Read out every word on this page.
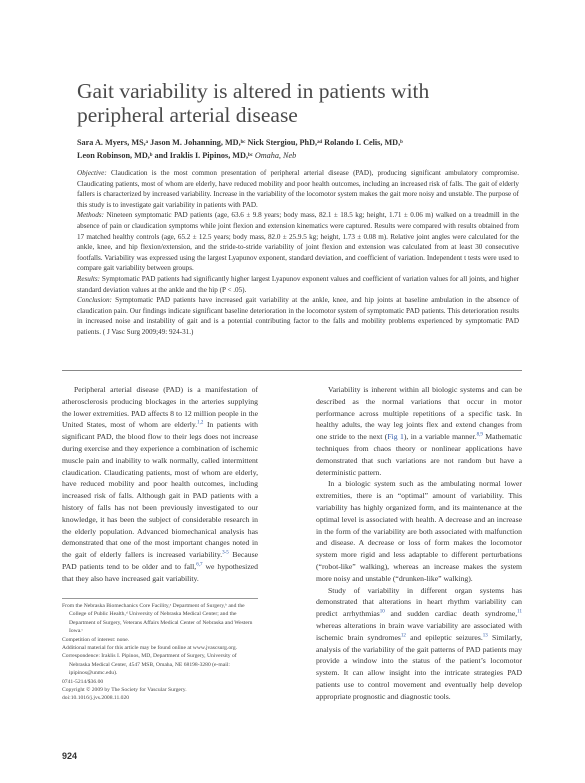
Gait variability is altered in patients with peripheral arterial disease
Sara A. Myers, MS,ᵃ Jason M. Johanning, MD,ᵇᶜ Nick Stergiou, PhD,ᵃᵈ Rolando I. Celis, MD,ᵇ
Leon Robinson, MD,ᵇ and Iraklis I. Pipinos, MD,ᵇᶜ Omaha, Neb

Objective: Claudication is the most common presentation of peripheral arterial disease (PAD), producing significant ambulatory compromise. Claudicating patients, most of whom are elderly, have reduced mobility and poor health outcomes, including an increased risk of falls. The gait of elderly fallers is characterized by increased variability. Increase in the variability of the locomotor system makes the gait more noisy and unstable. The purpose of this study is to investigate gait variability in patients with PAD.

Methods: Nineteen symptomatic PAD patients (age, 63.6 ± 9.8 years; body mass, 82.1 ± 18.5 kg; height, 1.71 ± 0.06 m) walked on a treadmill in the absence of pain or claudication symptoms while joint flexion and extension kinematics were captured. Results were compared with results obtained from 17 matched healthy controls (age, 65.2 ± 12.5 years; body mass, 82.0 ± 25.9.5 kg; height, 1.73 ± 0.08 m). Relative joint angles were calculated for the ankle, knee, and hip flexion/extension, and the stride-to-stride variability of joint flexion and extension was calculated from at least 30 consecutive footfalls. Variability was expressed using the largest Lyapunov exponent, standard deviation, and coefficient of variation. Independent t tests were used to compare gait variability between groups.

Results: Symptomatic PAD patients had significantly higher largest Lyapunov exponent values and coefficient of variation values for all joints, and higher standard deviation values at the ankle and the hip (P < .05).

Conclusion: Symptomatic PAD patients have increased gait variability at the ankle, knee, and hip joints at baseline ambulation in the absence of claudication pain. Our findings indicate significant baseline deterioration in the locomotor system of symptomatic PAD patients. This deterioration results in increased noise and instability of gait and is a potential contributing factor to the falls and mobility problems experienced by symptomatic PAD patients. ( J Vasc Surg 2009;49: 924-31.)

Peripheral arterial disease (PAD) is a manifestation of atherosclerosis producing blockages in the arteries supplying the lower extremities. PAD affects 8 to 12 million people in the United States, most of whom are elderly.$^{1,2}$ In patients with significant PAD, the blood flow to their legs does not increase during exercise and they experience a combination of ischemic muscle pain and inability to walk normally, called intermittent claudication. Claudicating patients, most of whom are elderly, have reduced mobility and poor health outcomes, including increased risk of falls. Although gait in PAD patients with a history of falls has not been previously investigated to our knowledge, it has been the subject of considerable research in the elderly population. Advanced biomechanical analysis has demonstrated that one of the most important changes noted in the gait of elderly fallers is increased variability.$^{3-5}$ Because PAD patients tend to be older and to fall,$^{6,7}$ we hypothesized that they also have increased gait variability.

From the Nebraska Biomechanics Core Facility,ᵃ Department of Surgery,ᵇ and the College of Public Health,ᵈ University of Nebraska Medical Center; and the Department of Surgery, Veterans Affairs Medical Center of Nebraska and Western Iowa.ᶜ
Competition of interest: none.
Additional material for this article may be found online at www.jvascsurg.org.
Correspondence: Iraklis I. Pipinos, MD, Department of Surgery, University of Nebraska Medical Center, 4547 MSB, Omaha, NE 68198-3280 (e-mail: ipipinos@unmc.edu).
0741-5214/$36.00
Copyright © 2009 by The Society for Vascular Surgery.
doi:10.1016/j.jvs.2008.11.020

Variability is inherent within all biologic systems and can be described as the normal variations that occur in motor performance across multiple repetitions of a specific task. In healthy adults, the way leg joints flex and extend changes from one stride to the next (Fig 1), in a variable manner.$^{8,9}$ Mathematic techniques from chaos theory or nonlinear applications have demonstrated that such variations are not random but have a deterministic pattern.

In a biologic system such as the ambulating normal lower extremities, there is an “optimal” amount of variability. This variability has highly organized form, and its maintenance at the optimal level is associated with health. A decrease and an increase in the form of the variability are both associated with malfunction and disease. A decrease or loss of form makes the locomotor system more rigid and less adaptable to different perturbations (“robot-like” walking), whereas an increase makes the system more noisy and unstable (“drunken-like” walking).

Study of variability in different organ systems has demonstrated that alterations in heart rhythm variability can predict arrhythmias$^{10}$ and sudden cardiac death syndrome,$^{11}$ whereas alterations in brain wave variability are associated with ischemic brain syndromes$^{12}$ and epileptic seizures.$^{13}$ Similarly, analysis of the variability of the gait patterns of PAD patients may provide a window into the status of the patient’s locomotor system. It can allow insight into the intricate strategies PAD patients use to control movement and eventually help develop appropriate prognostic and diagnostic tools.

924
